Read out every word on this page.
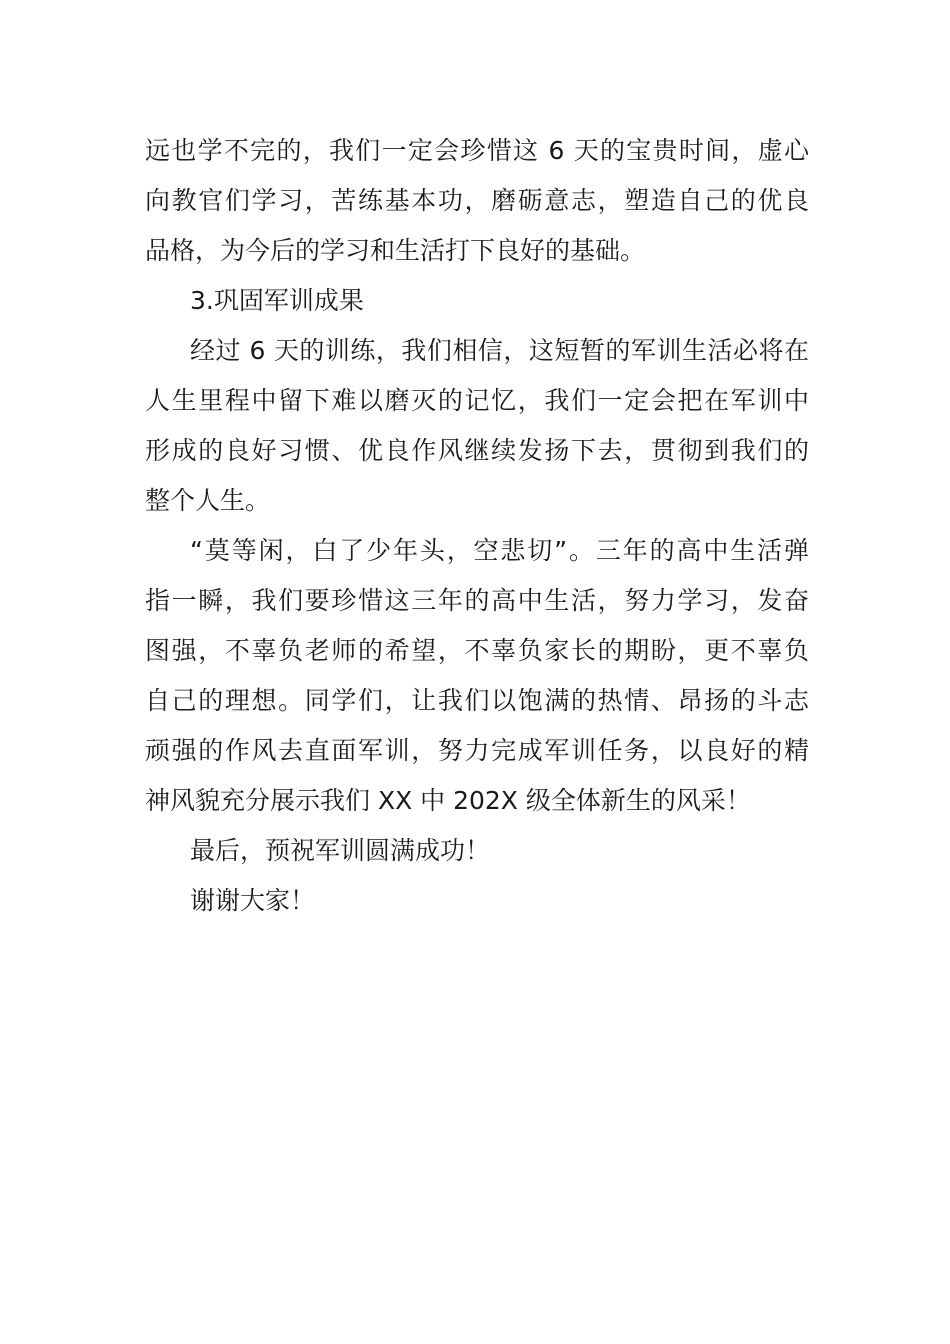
远也学不完的，我们一定会珍惜这 6 天的宝贵时间，虚心
向教官们学习，苦练基本功，磨砺意志，塑造自己的优良
品格，为今后的学习和生活打下良好的基础。
3.巩固军训成果
经过 6 天的训练，我们相信，这短暂的军训生活必将在
人生里程中留下难以磨灭的记忆，我们一定会把在军训中
形成的良好习惯、优良作风继续发扬下去，贯彻到我们的
整个人生。
“莫等闲，白了少年头，空悲切”。三年的高中生活弹
指一瞬，我们要珍惜这三年的高中生活，努力学习，发奋
图强，不辜负老师的希望，不辜负家长的期盼，更不辜负
自己的理想。同学们，让我们以饱满的热情、昂扬的斗志
顽强的作风去直面军训，努力完成军训任务，以良好的精
神风貌充分展示我们 XX 中 202X 级全体新生的风采！
最后，预祝军训圆满成功！
谢谢大家！
